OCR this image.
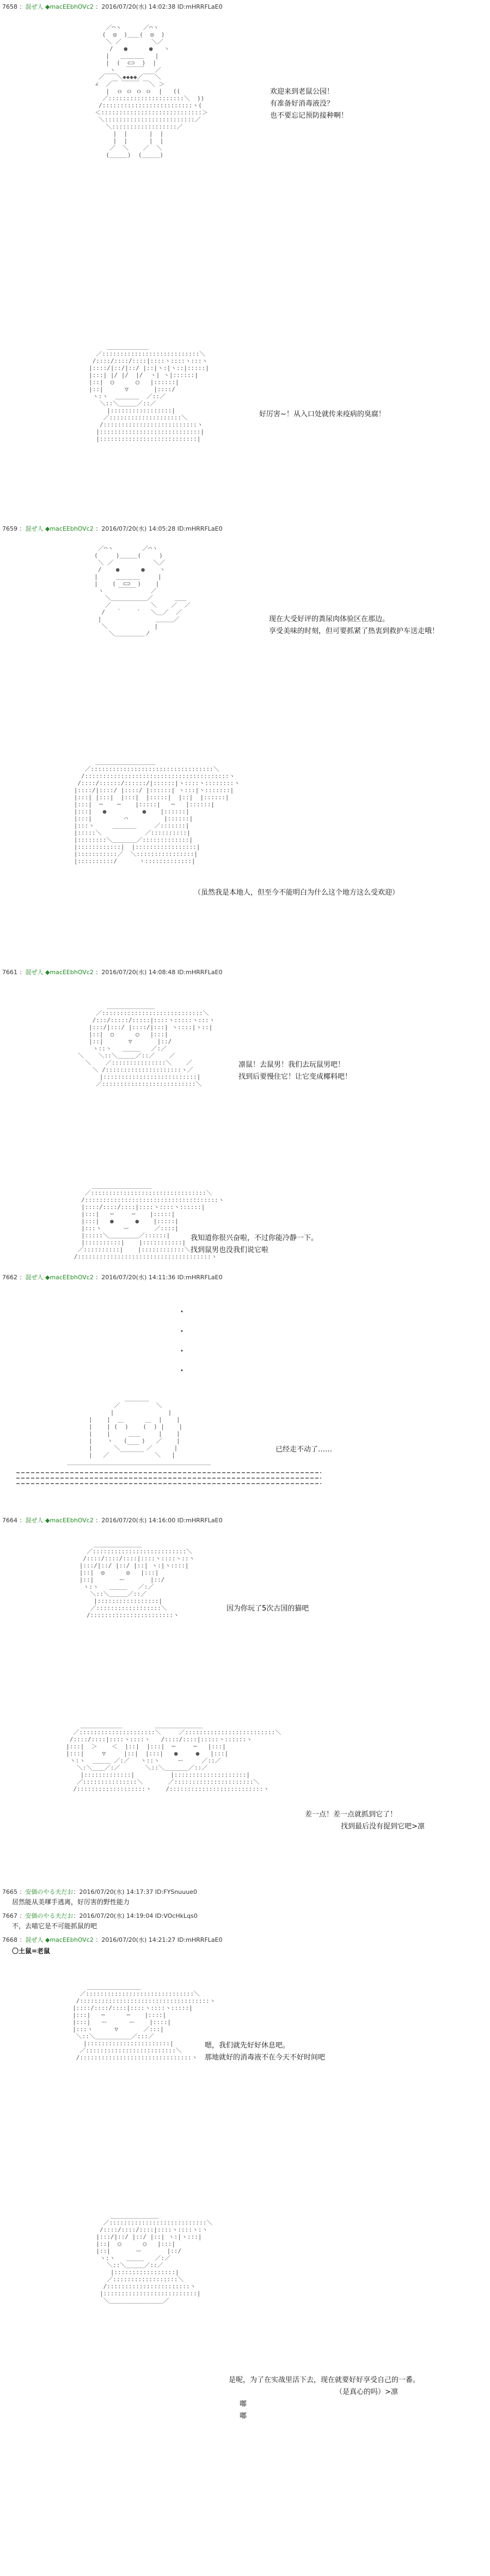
7658 ：混ぜ人 ◆macEEbhOVc2 ：2016/07/20(水) 14:02:38 ID:mHRRFLaE0
／⌒ヽ      ／⌒ヽ
(  ◎  )＿＿(  ◎  )
＼ ／　　　　　＼／
/   ●      ●   ヽ
|   ＿＿＿＿   |
|  (  ⊂⊃  )  |
ヽ   ￣￣￣   ／
／￣￣＼◆◆◆◆／￣￣＼
∠  ／￣ ￣￣￣ ￣＼ ＞
|  ｏ ｏ ｏ ｏ  |   ((
／:::::::::::::::::::::＼  ))
/:::::::::::::::::::::::::ヽ(
＜::::::::::::::::::::::::::::＞
＼:::::::::::::::::::::::::／
＼::::::::::::::::::／
|  |      |  |
|  |      |  |
／  ＼    ／  ＼
(＿＿＿)  (＿＿＿)
欢迎来到老鼠公园！
有准备好消毒液没？
也不要忘记预防接种啊！
＿＿＿＿＿＿＿
／:::::::::::::::::::::::::::＼
/::::/::::/::::|::::ヽ::::ヽ:::ヽ
|::::/|::/|::/ |::|ヽ:|ヽ::|:::::|
|:::| |/ |/  |/  ヽ| ヽ|::::::|
|::|  ◯      ◯   |::::::|
|::|      ▽       |::::/
ヽ:ヽ  ＿＿＿＿  ／::／
＼::＼＿＿＿／::／
|:::::::::::::::::|
／::::::::::::::::::::＼
/::::::::::::::::::::::::::ヽ
|::::::::::::::::::::::::::::|
|:::::::::::::::::::::::::::|
好厉害~！从入口处就传来疫病的臭腐！
7659 ：混ぜ人 ◆macEEbhOVc2 ：2016/07/20(水) 14:05:28 ID:mHRRFLaE0
／⌒ヽ        ／⌒ヽ
(     )＿＿＿(     )
＼ ／           ＼／
/    ●      ●    ヽ
|     ＿＿＿＿     |
|    (  ⊂⊃  )    |
ヽ    ￣￣￣    ／
＼＿＿＿＿＿＿／      ＿＿
／           ＼    ／  ／
/   ｀    ´   ＼＿／  ／
|               ＿＿＿／
＼             |
＼＿＿＿＿＿ノ
现在大受好评的粪尿肉体验区在那边。
享受美味的时刻，但可要抓紧了热衷到救护车送走哦！
＿＿＿＿＿＿＿＿＿＿
／::::::::::::::::::::::::::::::::::＼
/::::::::::::::::::::::::::::::::::::::::ヽ
/::::/::::::/::::::/|::::::|ヽ::::ヽ::::::::ヽ
|::::/|::::/ |::::/ |::::::| ヽ:::|ヽ:::::::|
|:::| |:::|  |:::|  |:::::|  |::|  |::::::|
|:::|  ─    ─    |:::::|   ─   |::::::|
|:::|   ●          ●    |::::::|
|:::|         ⌒          |::::::|
|:::ヽ     ＿＿＿＿     ／:::::::|
|:::::＼            ／::::::::::|
|::::::::＼＿＿＿＿／:::::::::::::|
|::::::::::::|  |:::::::::::::::::|
|:::::::::::／  ＼::::::::::::::::|
|::::::::::/      ヽ:::::::::::::|
（虽然我是本地人，但至今不能明白为什么这个地方这么受欢迎）
7661 ：混ぜ人 ◆macEEbhOVc2 ：2016/07/20(水) 14:08:48 ID:mHRRFLaE0
＿＿＿＿＿＿＿＿
／::::::::::::::::::::::::::::＼
/:::/:::::/:::::|::::ヽ:::::ヽ:::ヽ
|:::/|:::/ |::::/|:::| ヽ::::|ヽ::|
|::|  ○      ○   |:::|
|::|       ▽       |::/
ヽ::ヽ   ＿＿＿   ／:／
＼    ＼::＼＿＿＿／::／    ／
＼    ／:::::::::::::::＼    ／
＼ /:::::::::::::::::::::ヽ／
|::::::::::::::::::::::::::|
／::::::::::::::::::::::::::＼
凛鼠！去鼠男！我们去玩鼠男吧！
找到后要慢住它！让它变成椰料吧！
＿＿＿＿＿＿＿＿＿＿
／::::::::::::::::::::::::::::::::＼
/:::::::::::::::::::::::::::::::::::::ヽ
|::::/::::/::::|::::ヽ::::ヽ::::::|
|:::|   ─     ─    |:::::|
|:::|   ●      ●    |:::::|
|:::ヽ      ー       ／::::|
|:::::＼＿＿＿＿＿／::::::|
|::::::::::|    |:::::::::::|
／::::::::::|    |::::::::::::＼
/:::::::::::::::::::::::::::::::::::::ヽ
我知道你很兴奋啦，不过你能冷静一下。
找到鼠男也没我们说它啦
7662 ：混ぜ人 ◆macEEbhOVc2 ：2016/07/20(水) 14:11:36 ID:mHRRFLaE0
・
・
・
・
＿＿＿＿
／          ＼
|               |
|    |  ＿      ＿  |    |
|    | (  )    (  ) |    |
|    |     ＿＿     |    |
|    ヽ   (    )   ／    |
|      ＼  ￣￣  ／      |
|   ／   ￣￣￣￣   ＼   |
＿＿＿＿＿＿＿＿＿＿＿＿＿＿＿＿＿＿＿＿＿＿＿＿
已经走不动了……
7664 ：混ぜ人 ◆macEEbhOVc2 ：2016/07/20(水) 14:16:00 ID:mHRRFLaE0
＿＿＿＿＿＿＿＿
／::::::::::::::::::::::::::＼
/::::/::::/::::|::::ヽ::::ヽ::ヽ
|:::/|::/ |::/ |::| ヽ:|ヽ::::|
|::|  ◎      ◎   |:::|
|::|       ー       |::/
ヽ:ヽ   ＿＿＿   ／:／
＼::＼＿＿＿／::／
|:::::::::::::::::|
／::::::::::::::::::＼
/:::::::::::::::::::::::ヽ
因为你玩了5次古国的猫吧
＿＿＿＿＿＿＿         ＿＿＿＿＿＿＿＿
／:::::::::::::::::::::＼     ／:::::::::::::::::::::::::＼
/::::/::::|::::ヽ::::ヽ   /::::/::::|:::::ヽ::::::ヽ
|:::|  ＞    ＜  |::|  |:::|  ─     ─   |:::|
|:::|     ▽     |::|  |:::|   ●     ●   |:::|
ヽ:ヽ  ＿＿＿ ／:／   ヽ::ヽ     ー     ／::／
＼:＼＿＿／:／       ＼::＼＿＿＿＿／::／
|:::::::::::::|          |::::::::::::::::::::|
／:::::::::::::::＼       ／::::::::::::::::::::::＼
/:::::::::::::::::::ヽ    /::::::::::::::::::::::::::ヽ
差一点！差一点就抓到它了！
找到最后没有捉到它吧>凛
7665 ：安価のやる夫だお：2016/07/20(水) 14:17:37 ID:FYSnuuue0
居然能从美嗲手逃离，好厉害的野性能力
7667 ：安価のやる夫だお：2016/07/20(水) 14:19:04 ID:VOcHkLqs0
不，去喵它是不可能抓鼠的吧
7668 ：混ぜ人 ◆macEEbhOVc2 ：2016/07/20(水) 14:21:27 ID:mHRRFLaE0
〇土鼠=老鼠
＿＿＿＿＿＿＿＿＿
／::::::::::::::::::::::::::::::＼
/::::::::::::::::::::::::::::::::::::ヽ
|::::/::::/::::|::::ヽ::::ヽ:::::|
|:::|   ─      ─    |::::|
|:::|   ー      ー    |::::|
|:::ヽ      ▽       ／:::|
＼::＼＿＿＿＿＿＿／:::／
|:::::::::::::::::::::::|
／:::::::::::::::::::::::::＼
/:::::::::::::::::::::::::::::::ヽ
嗯，我们就先好好休息吧。
那地就好的消毒液不在今天不好时间吧
＿＿＿＿＿＿＿＿
／:::::::::::::::::::::::::::＼
/::::/::::/::::|::::ヽ::::ヽ:ヽ
|:::/|::/ |::/ |::| ヽ:|ヽ:::|
|::|  ○      ○   |:::|
|::|       ー       |::/
ヽ:ヽ   ＿＿＿   ／:／
＼::＼＿＿＿／::／
|:::::::::::::::::|
／::::::::::::::::::＼
/:::::::::::::::::::::::ヽ
|::::::::::::::::::::::::::|
＼＿＿＿＿＿＿＿＿＿／
是呢，为了在实战里活下去，现在就要好好享受自己的一番。
（是真心的吗）>凛
嘟
嘟
